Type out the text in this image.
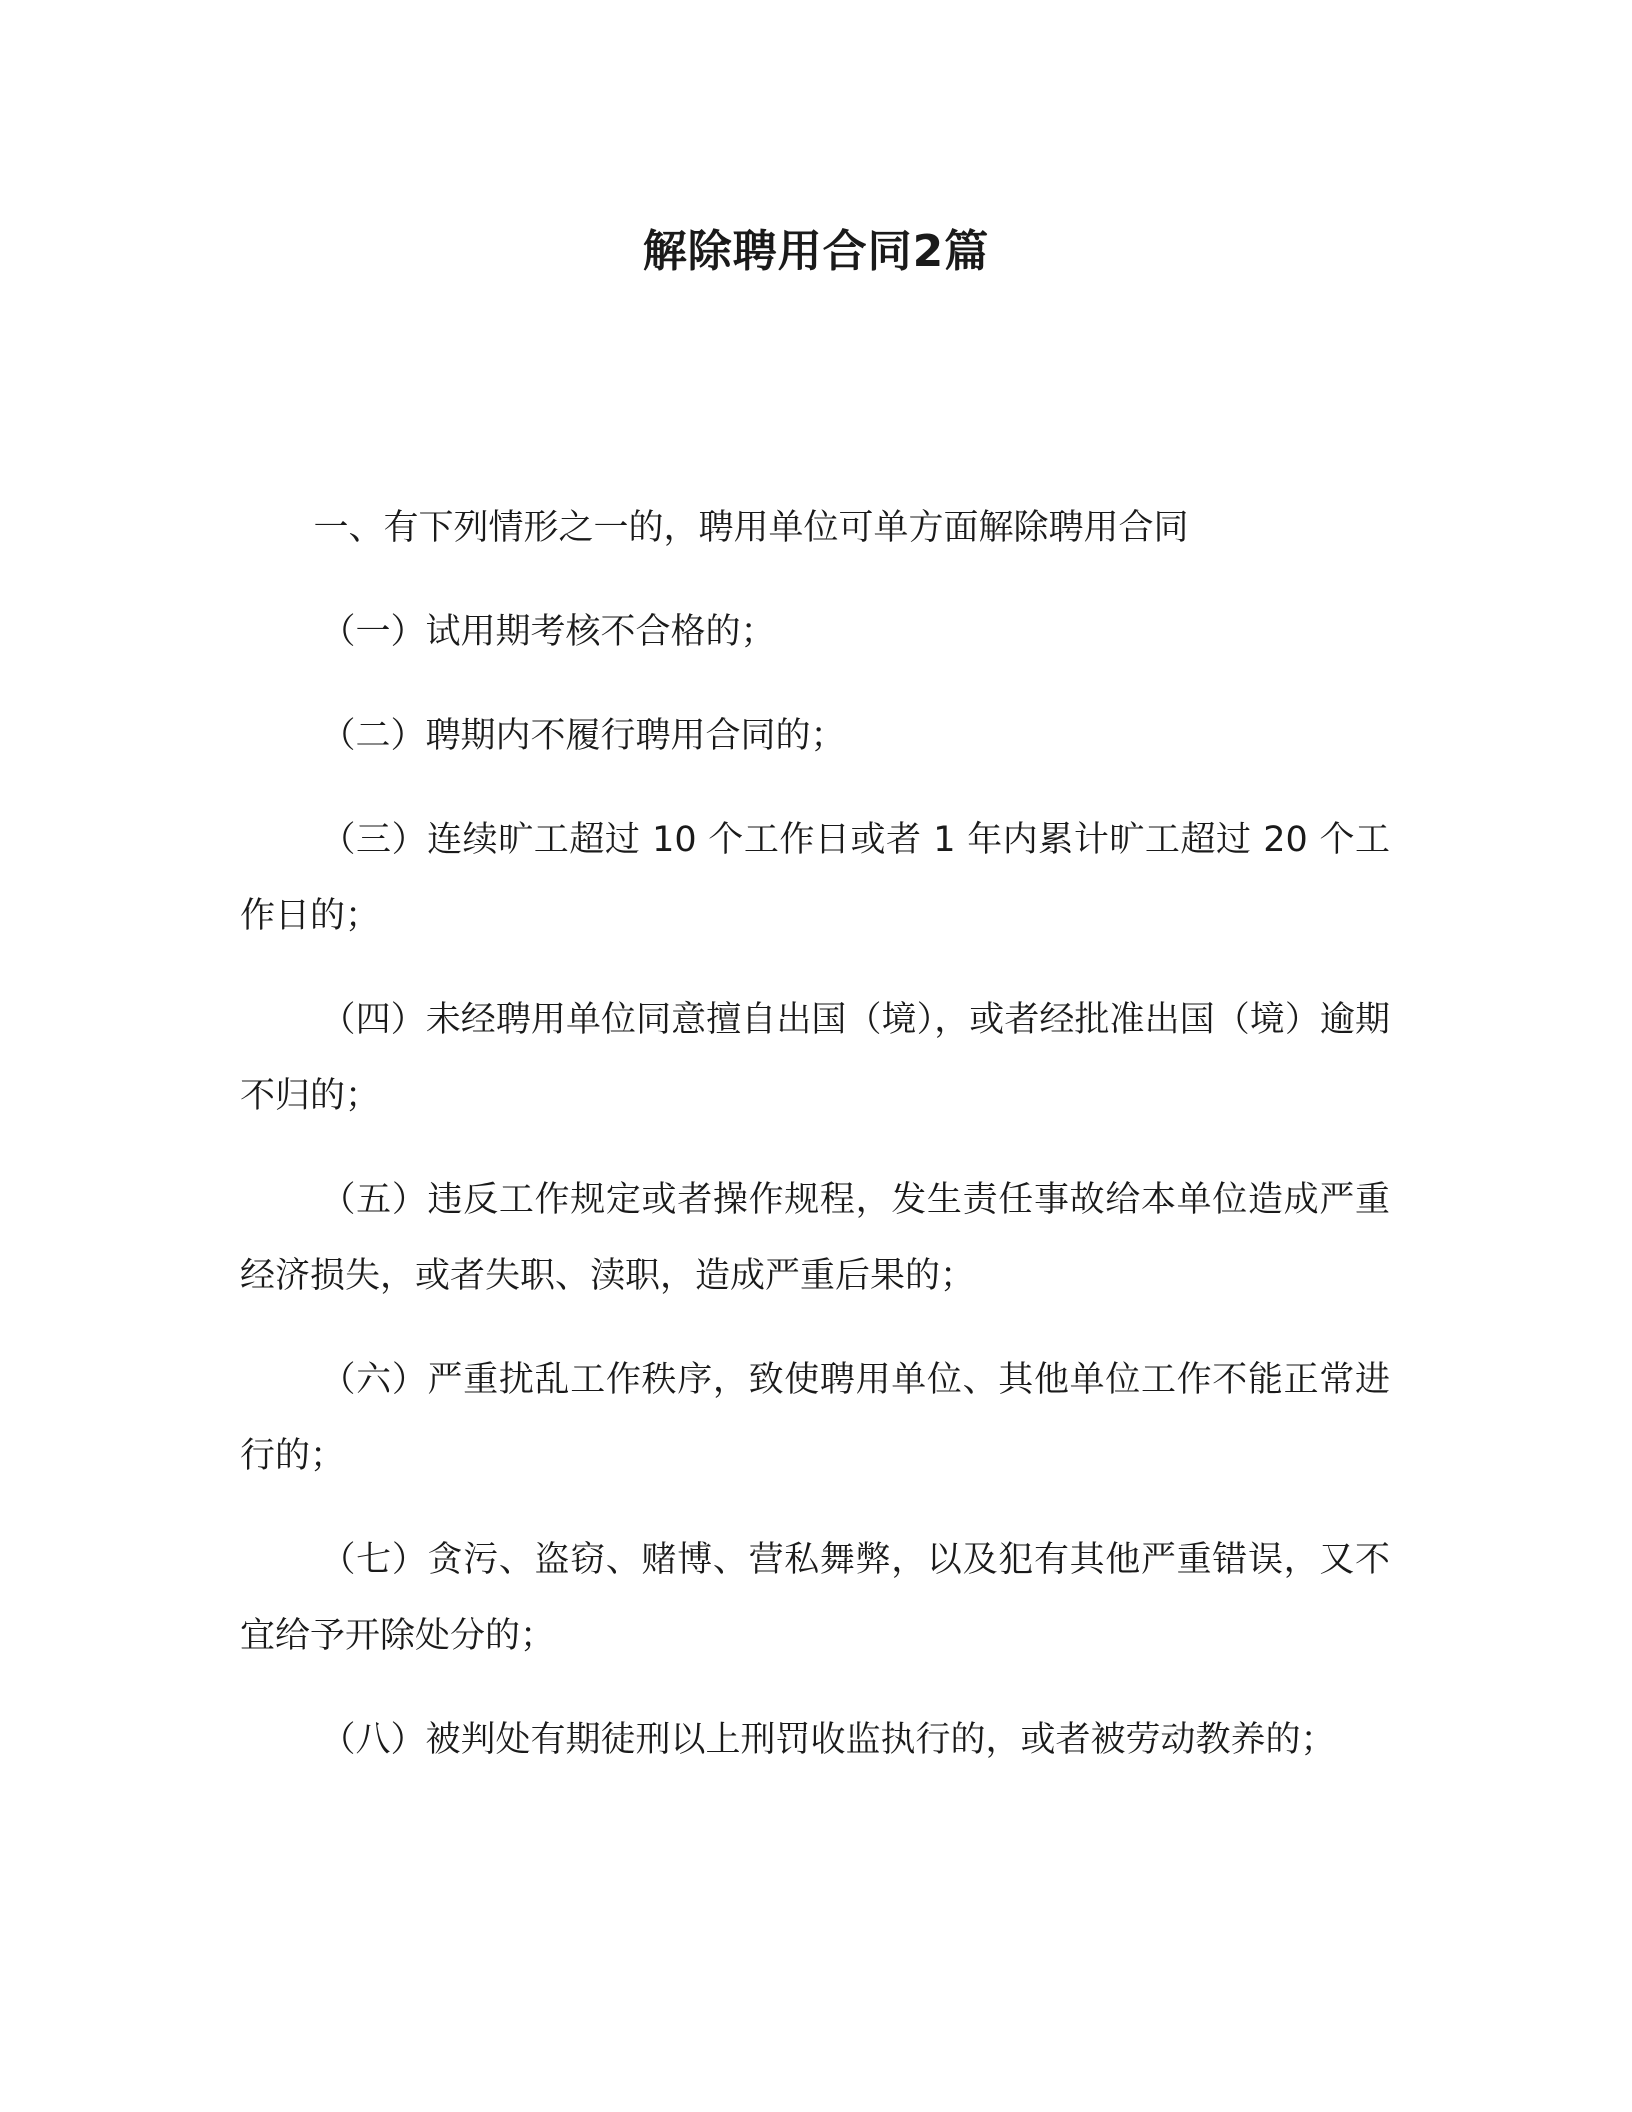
解除聘用合同2篇

一、有下列情形之一的，聘用单位可单方面解除聘用合同

（一）试用期考核不合格的；

（二）聘期内不履行聘用合同的；

（三）连续旷工超过 10 个工作日或者 1 年内累计旷工超过 20 个工作日的；

（四）未经聘用单位同意擅自出国（境），或者经批准出国（境）逾期不归的；

（五）违反工作规定或者操作规程，发生责任事故给本单位造成严重经济损失，或者失职、渎职，造成严重后果的；

（六）严重扰乱工作秩序，致使聘用单位、其他单位工作不能正常进行的；

（七）贪污、盗窃、赌博、营私舞弊，以及犯有其他严重错误，又不宜给予开除处分的；

（八）被判处有期徒刑以上刑罚收监执行的，或者被劳动教养的；
